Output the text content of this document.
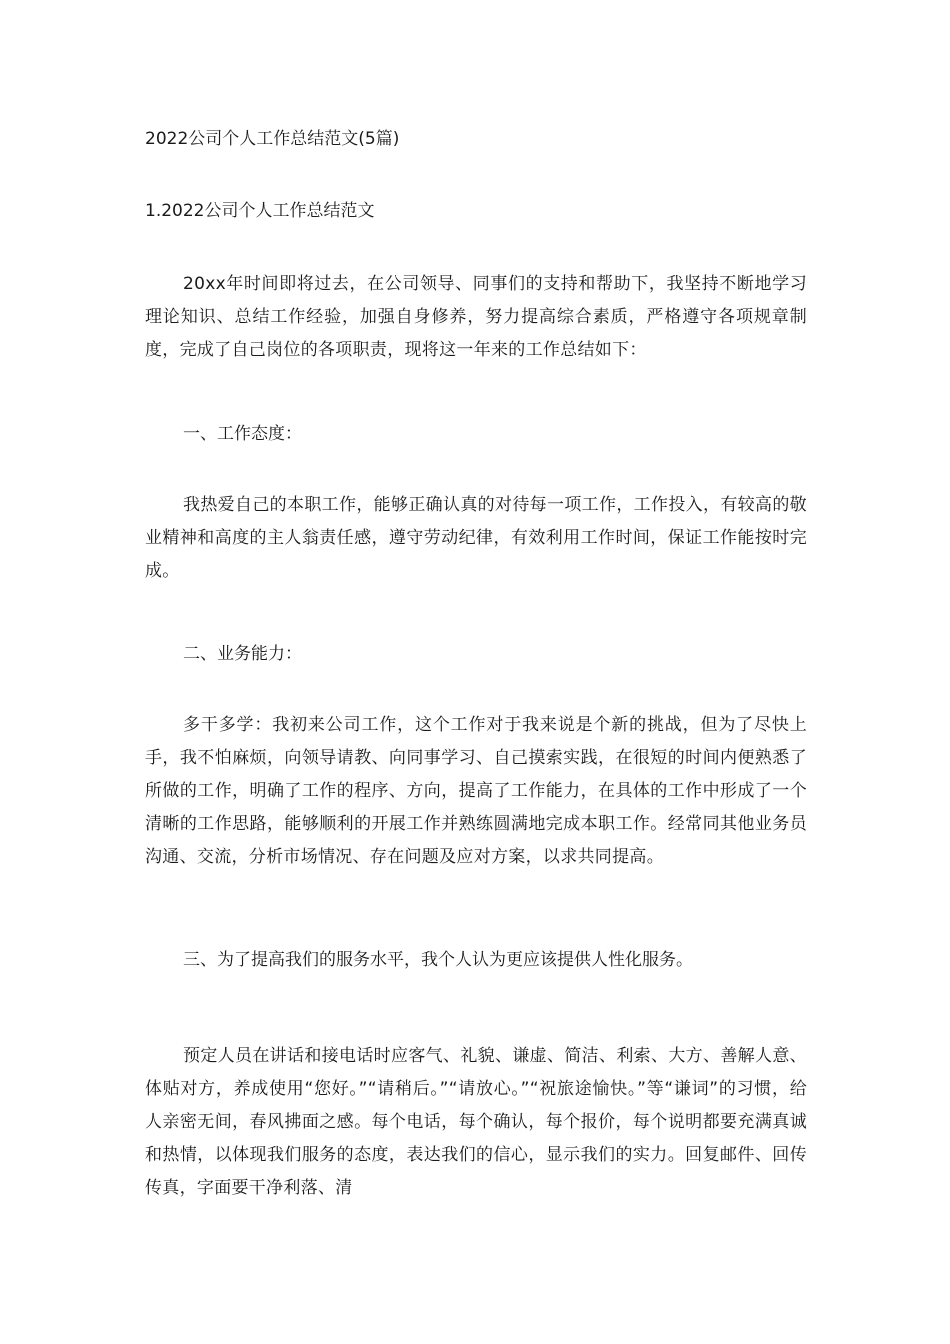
2022公司个人工作总结范文(5篇)

1.2022公司个人工作总结范文

20xx年时间即将过去，在公司领导、同事们的支持和帮助下，我坚持不断地学习理论知识、总结工作经验，加强自身修养，努力提高综合素质，严格遵守各项规章制度，完成了自己岗位的各项职责，现将这一年来的工作总结如下：

一、工作态度：

我热爱自己的本职工作，能够正确认真的对待每一项工作，工作投入，有较高的敬业精神和高度的主人翁责任感，遵守劳动纪律，有效利用工作时间，保证工作能按时完成。

二、业务能力：

多干多学：我初来公司工作，这个工作对于我来说是个新的挑战，但为了尽快上手，我不怕麻烦，向领导请教、向同事学习、自己摸索实践，在很短的时间内便熟悉了所做的工作，明确了工作的程序、方向，提高了工作能力，在具体的工作中形成了一个清晰的工作思路，能够顺利的开展工作并熟练圆满地完成本职工作。经常同其他业务员沟通、交流，分析市场情况、存在问题及应对方案，以求共同提高。

三、为了提高我们的服务水平，我个人认为更应该提供人性化服务。

预定人员在讲话和接电话时应客气、礼貌、谦虚、简洁、利索、大方、善解人意、体贴对方，养成使用“您好。”“请稍后。”“请放心。”“祝旅途愉快。”等“谦词”的习惯，给人亲密无间，春风拂面之感。每个电话，每个确认，每个报价，每个说明都要充满真诚和热情，以体现我们服务的态度，表达我们的信心，显示我们的实力。回复邮件、回传传真，字面要干净利落、清
